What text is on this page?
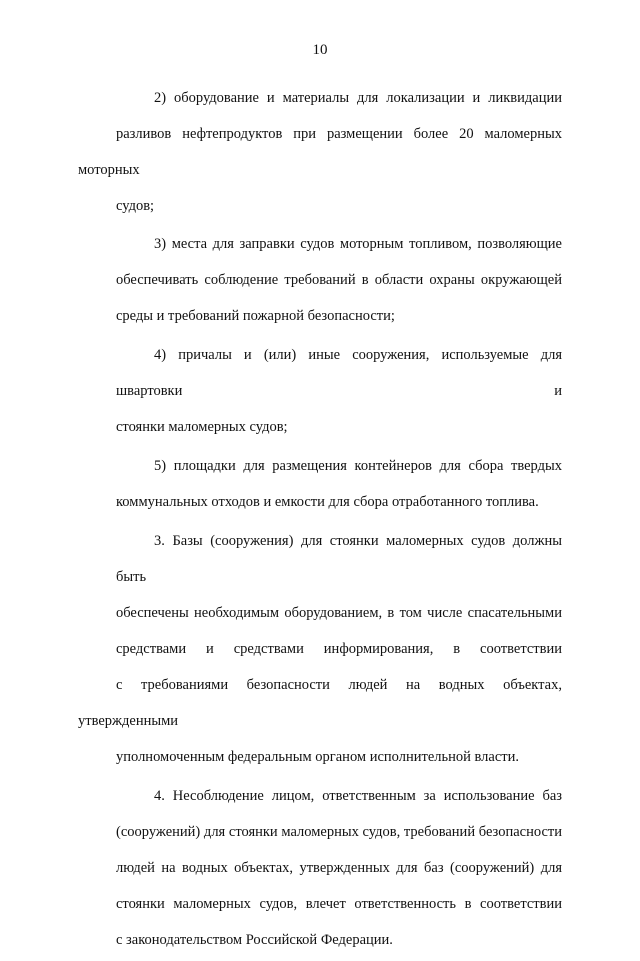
10
2) оборудование и материалы для локализации и ликвидации
разливов нефтепродуктов при размещении более 20 маломерных моторных
судов;
3) места для заправки судов моторным топливом, позволяющие
обеспечивать соблюдение требований в области охраны окружающей
среды и требований пожарной безопасности;
4) причалы и (или) иные сооружения, используемые для швартовки и
стоянки маломерных судов;
5) площадки для размещения контейнеров для сбора твердых
коммунальных отходов и емкости для сбора отработанного топлива.
3. Базы (сооружения) для стоянки маломерных судов должны быть
обеспечены необходимым оборудованием, в том числе спасательными
средствами и средствами информирования, в соответствии
с требованиями безопасности людей на водных объектах, утвержденными
уполномоченным федеральным органом исполнительной власти.
4. Несоблюдение лицом, ответственным за использование баз
(сооружений) для стоянки маломерных судов, требований безопасности
людей на водных объектах, утвержденных для баз (сооружений) для
стоянки маломерных судов, влечет ответственность в соответствии
с законодательством Российской Федерации.
